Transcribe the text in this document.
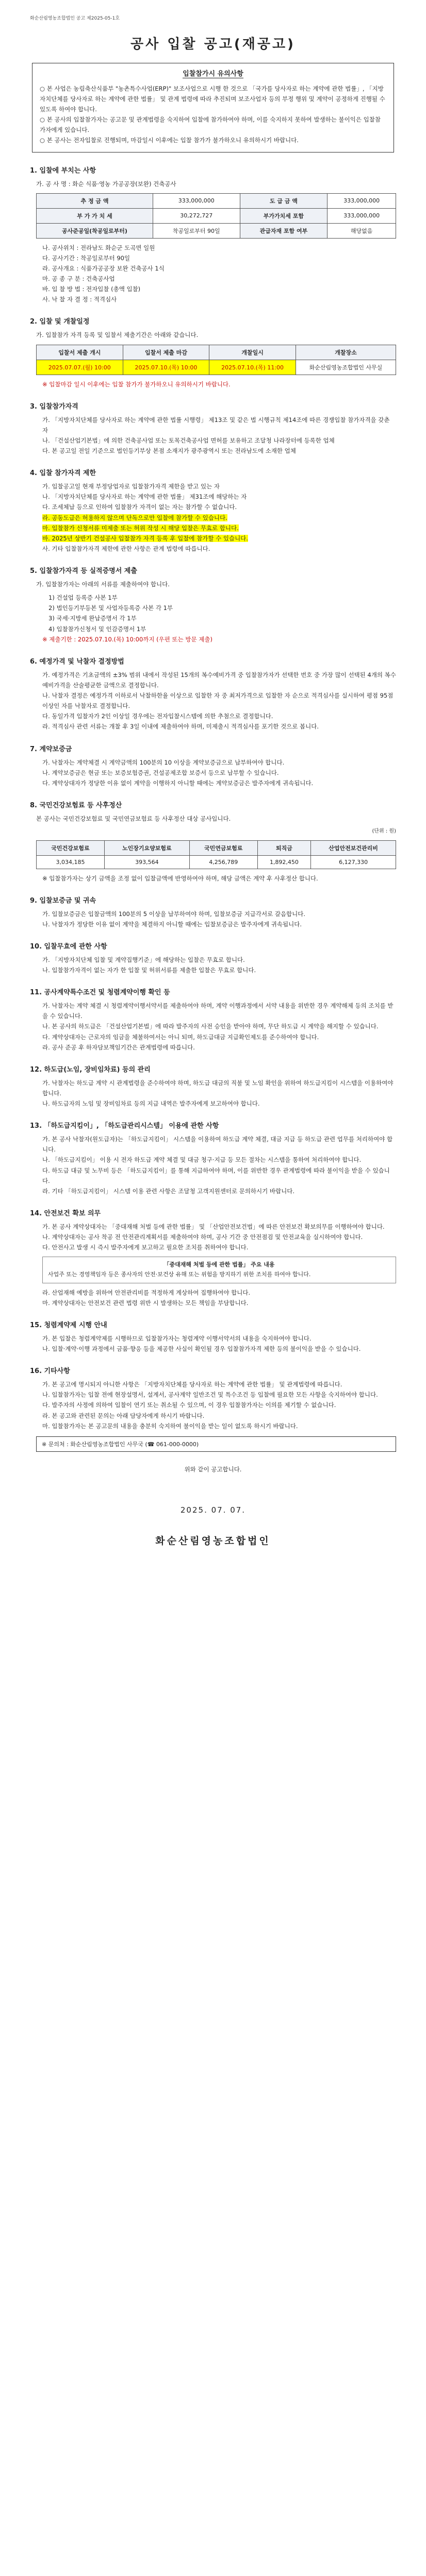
화순산림영농조합법인 공고 제2025-05-1호
공사 입찰 공고(재공고)
입찰참가시 유의사항

○ 본 사업은 농림축산식품부 "농촌특수사업(ERP)" 보조사업으로 시행 한 것으로 「국가를 당사자로 하는 계약에 관한 법률」, 「지방자치단체를 당사자로 하는 계약에 관한 법률」 및 관계 법령에 따라 추진되며 보조사업자 등의 부정 행위 및 계약이 공정하게 진행될 수 있도록 하여야 합니다.

○ 본 공사의 입찰참가자는 공고문 및 관계법령을 숙지하여 입찰에 참가하여야 하며, 이를 숙지하지 못하여 발생하는 불이익은 입찰참가자에게 있습니다.

○ 본 공사는 전자입찰로 진행되며, 마감일시 이후에는 입찰 참가가 불가하오니 유의하시기 바랍니다.

1. 입찰에 부치는 사항

가. 공 사 명 : 화순 식품·영농 가공공장(보완) 건축공사

추 정 금 액	333,000,000	도 급 금 액	333,000,000
부 가 가 치 세	30,272,727	부가가치세 포함	333,000,000
공사준공일(착공일로부터)	착공일로부터 90일	관급자재 포함 여부	해당없음

나. 공사위치 : 전라남도 화순군 도곡면 일원

다. 공사기간 : 착공일로부터 90일

라. 공사개요 : 식품가공공장 보완 건축공사 1식

마. 공 종 구 분 : 건축공사업

바. 입 찰 방 법 : 전자입찰 (총액 입찰)

사. 낙 찰 자 결 정 : 적격심사

2. 입찰 및 개찰일정

가. 입찰참가 자격 등록 및 입찰서 제출기간은 아래와 같습니다.

입찰서 제출 개시	입찰서 제출 마감	개찰일시	개찰장소
2025.07.07.(월) 10:00	2025.07.10.(목) 10:00	2025.07.10.(목) 11:00	화순산림영농조합법인 사무실

※ 입찰마감 일시 이후에는 입찰 참가가 불가하오니 유의하시기 바랍니다.

3. 입찰참가자격

가. 「지방자치단체를 당사자로 하는 계약에 관한 법률 시행령」 제13조 및 같은 법 시행규칙 제14조에 따른 경쟁입찰 참가자격을 갖춘 자

나. 「건설산업기본법」에 의한 건축공사업 또는 토목건축공사업 면허를 보유하고 조달청 나라장터에 등록한 업체

다. 본 공고일 전일 기준으로 법인등기부상 본점 소재지가 광주광역시 또는 전라남도에 소재한 업체

4. 입찰 참가자격 제한

가. 입찰공고일 현재 부정당업자로 입찰참가자격 제한을 받고 있는 자

나. 「지방자치단체를 당사자로 하는 계약에 관한 법률」 제31조에 해당하는 자

다. 조세체납 등으로 인하여 입찰참가 자격이 없는 자는 참가할 수 없습니다.

라. 공동도급은 허용하지 않으며 단독으로만 입찰에 참가할 수 있습니다.

마. 입찰참가 신청서류 미제출 또는 허위 작성 시 해당 입찰은 무효로 합니다.

바. 2025년 상반기 건설공사 입찰참가 자격 등록 후 입찰에 참가할 수 있습니다.

사. 기타 입찰참가자격 제한에 관한 사항은 관계 법령에 따릅니다.

5. 입찰참가자격 등 실적증명서 제출

가. 입찰참가자는 아래의 서류를 제출하여야 합니다.

1) 건설업 등록증 사본 1부

2) 법인등기부등본 및 사업자등록증 사본 각 1부

3) 국세·지방세 완납증명서 각 1부

4) 입찰참가신청서 및 인감증명서 1부

※ 제출기한 : 2025.07.10.(목) 10:00까지 (우편 또는 방문 제출)

6. 예정가격 및 낙찰자 결정방법

가. 예정가격은 기초금액의 ±3% 범위 내에서 작성된 15개의 복수예비가격 중 입찰참가자가 선택한 번호 중 가장 많이 선택된 4개의 복수예비가격을 산술평균한 금액으로 결정합니다.

나. 낙찰자 결정은 예정가격 이하로서 낙찰하한율 이상으로 입찰한 자 중 최저가격으로 입찰한 자 순으로 적격심사를 실시하여 평점 95점 이상인 자를 낙찰자로 결정합니다.

다. 동일가격 입찰자가 2인 이상일 경우에는 전자입찰시스템에 의한 추첨으로 결정합니다.

라. 적격심사 관련 서류는 개찰 후 3일 이내에 제출하여야 하며, 미제출시 적격심사를 포기한 것으로 봅니다.

7. 계약보증금

가. 낙찰자는 계약체결 시 계약금액의 100분의 10 이상을 계약보증금으로 납부하여야 합니다.

나. 계약보증금은 현금 또는 보증보험증권, 건설공제조합 보증서 등으로 납부할 수 있습니다.

다. 계약상대자가 정당한 이유 없이 계약을 이행하지 아니할 때에는 계약보증금은 발주자에게 귀속됩니다.

8. 국민건강보험료 등 사후정산

본 공사는 국민건강보험료 및 국민연금보험료 등 사후정산 대상 공사입니다.

(단위 : 원)

국민건강보험료	노인장기요양보험료	국민연금보험료	퇴직금	산업안전보건관리비
3,034,185	393,564	4,256,789	1,892,450	6,127,330

※ 입찰참가자는 상기 금액을 조정 없이 입찰금액에 반영하여야 하며, 해당 금액은 계약 후 사후정산 합니다.

9. 입찰보증금 및 귀속

가. 입찰보증금은 입찰금액의 100분의 5 이상을 납부하여야 하며, 입찰보증금 지급각서로 갈음합니다.

나. 낙찰자가 정당한 이유 없이 계약을 체결하지 아니할 때에는 입찰보증금은 발주자에게 귀속됩니다.

10. 입찰무효에 관한 사항

가. 「지방자치단체 입찰 및 계약집행기준」에 해당하는 입찰은 무효로 합니다.

나. 입찰참가자격이 없는 자가 한 입찰 및 허위서류를 제출한 입찰은 무효로 합니다.

11. 공사계약특수조건 및 청렴계약이행 확인 등

가. 낙찰자는 계약 체결 시 청렴계약이행서약서를 제출하여야 하며, 계약 이행과정에서 서약 내용을 위반한 경우 계약해제 등의 조치를 받을 수 있습니다.

나. 본 공사의 하도급은 「건설산업기본법」에 따라 발주자의 사전 승인을 받아야 하며, 무단 하도급 시 계약을 해지할 수 있습니다.

다. 계약상대자는 근로자의 임금을 체불하여서는 아니 되며, 하도급대금 지급확인제도를 준수하여야 합니다.

라. 공사 준공 후 하자담보책임기간은 관계법령에 따릅니다.

12. 하도급(노임, 장비임차료) 등의 관리

가. 낙찰자는 하도급 계약 시 관계법령을 준수하여야 하며, 하도급 대금의 직불 및 노임 확인을 위하여 하도급지킴이 시스템을 이용하여야 합니다.

나. 하도급자의 노임 및 장비임차료 등의 지급 내역은 발주자에게 보고하여야 합니다.

13. 「하도급지킴이」, 「하도급관리시스템」 이용에 관한 사항

가. 본 공사 낙찰자(원도급자)는 「하도급지킴이」 시스템을 이용하여 하도급 계약 체결, 대금 지급 등 하도급 관련 업무를 처리하여야 합니다.

나. 「하도급지킴이」 이용 시 전자 하도급 계약 체결 및 대금 청구·지급 등 모든 절차는 시스템을 통하여 처리하여야 합니다.

다. 하도급 대금 및 노무비 등은 「하도급지킴이」를 통해 지급하여야 하며, 이를 위반한 경우 관계법령에 따라 불이익을 받을 수 있습니다.

라. 기타 「하도급지킴이」 시스템 이용 관련 사항은 조달청 고객지원센터로 문의하시기 바랍니다.

14. 안전보건 확보 의무

가. 본 공사 계약상대자는 「중대재해 처벌 등에 관한 법률」 및 「산업안전보건법」에 따른 안전보건 확보의무를 이행하여야 합니다.

나. 계약상대자는 공사 착공 전 안전관리계획서를 제출하여야 하며, 공사 기간 중 안전점검 및 안전교육을 실시하여야 합니다.

다. 안전사고 발생 시 즉시 발주자에게 보고하고 필요한 조치를 취하여야 합니다.

「중대재해 처벌 등에 관한 법률」 주요 내용
사업주 또는 경영책임자 등은 종사자의 안전·보건상 유해 또는 위험을 방지하기 위한 조치를 하여야 합니다.

라. 산업재해 예방을 위하여 안전관리비를 적정하게 계상하여 집행하여야 합니다.

마. 계약상대자는 안전보건 관련 법령 위반 시 발생하는 모든 책임을 부담합니다.

15. 청렴계약제 시행 안내

가. 본 입찰은 청렴계약제를 시행하므로 입찰참가자는 청렴계약 이행서약서의 내용을 숙지하여야 합니다.

나. 입찰·계약·이행 과정에서 금품·향응 등을 제공한 사실이 확인될 경우 입찰참가자격 제한 등의 불이익을 받을 수 있습니다.

16. 기타사항

가. 본 공고에 명시되지 아니한 사항은 「지방자치단체를 당사자로 하는 계약에 관한 법률」 및 관계법령에 따릅니다.

나. 입찰참가자는 입찰 전에 현장설명서, 설계서, 공사계약 일반조건 및 특수조건 등 입찰에 필요한 모든 사항을 숙지하여야 합니다.

다. 발주자의 사정에 의하여 입찰이 연기 또는 취소될 수 있으며, 이 경우 입찰참가자는 이의를 제기할 수 없습니다.

라. 본 공고와 관련된 문의는 아래 담당자에게 하시기 바랍니다.

마. 입찰참가자는 본 공고문의 내용을 충분히 숙지하여 불이익을 받는 일이 없도록 하시기 바랍니다.

※ 문의처 : 화순산림영농조합법인 사무국 (☎ 061-000-0000)

위와 같이 공고합니다.

2025. 07. 07.
화순산림영농조합법인
